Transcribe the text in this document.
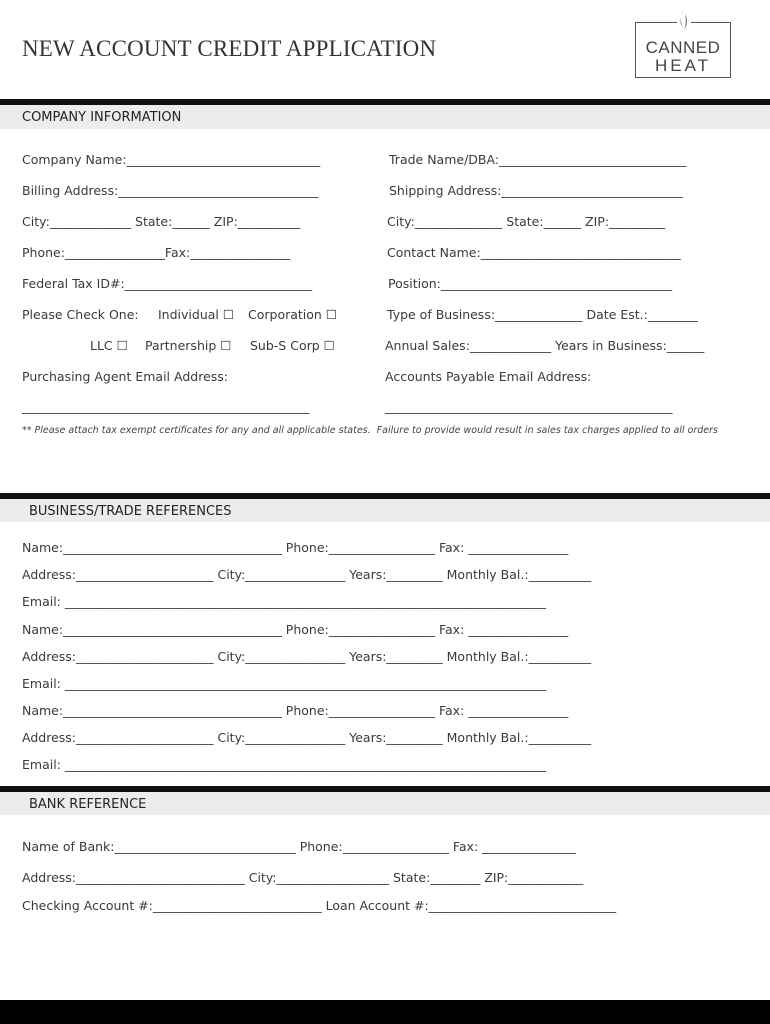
NEW ACCOUNT CREDIT APPLICATION	CANNED
HEAT
COMPANY INFORMATION
Company Name:_______________________________	Trade Name/DBA:______________________________
Billing Address:________________________________	Shipping Address:_____________________________
City:_____________ State:______ ZIP:__________	City:______________ State:______ ZIP:_________
Phone:________________Fax:________________	Contact Name:________________________________
Federal Tax ID#:______________________________	Position:_____________________________________
Please Check One: Individual ☐ Corporation ☐	Type of Business:______________ Date Est.:________
LLC ☐ Partnership ☐ Sub-S Corp ☐	Annual Sales:_____________ Years in Business:______
Purchasing Agent Email Address:	Accounts Payable Email Address:
______________________________________________	______________________________________________
** Please attach tax exempt certificates for any and all applicable states.  Failure to provide would result in sales tax charges applied to all orders
BUSINESS/TRADE REFERENCES
Name:___________________________________ Phone:_________________ Fax: ________________
Address:______________________ City:________________ Years:_________ Monthly Bal.:__________
Email: _____________________________________________________________________________
Name:___________________________________ Phone:_________________ Fax: ________________
Address:______________________ City:________________ Years:_________ Monthly Bal.:__________
Email: _____________________________________________________________________________
Name:___________________________________ Phone:_________________ Fax: ________________
Address:______________________ City:________________ Years:_________ Monthly Bal.:__________
Email: _____________________________________________________________________________
BANK REFERENCE
Name of Bank:_____________________________ Phone:_________________ Fax: _______________
Address:___________________________ City:__________________ State:________ ZIP:____________
Checking Account #:___________________________ Loan Account #:______________________________
